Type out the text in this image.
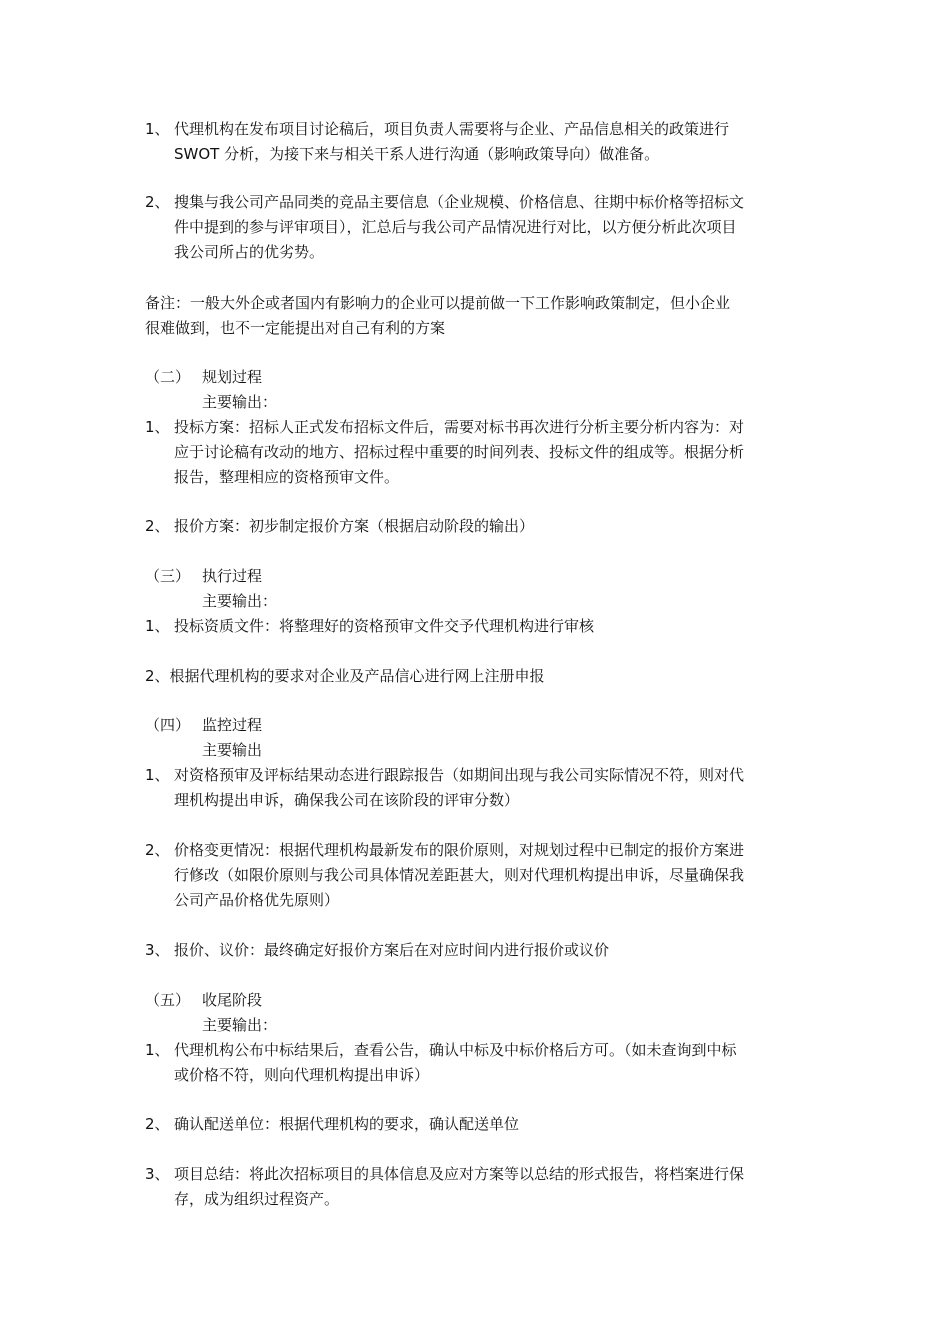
1、 代理机构在发布项目讨论稿后，项目负责人需要将与企业、产品信息相关的政策进行
SWOT 分析，为接下来与相关干系人进行沟通（影响政策导向）做准备。
2、 搜集与我公司产品同类的竞品主要信息（企业规模、价格信息、往期中标价格等招标文
件中提到的参与评审项目），汇总后与我公司产品情况进行对比，以方便分析此次项目
我公司所占的优劣势。
备注：一般大外企或者国内有影响力的企业可以提前做一下工作影响政策制定，但小企业
很难做到，也不一定能提出对自己有利的方案
（二） 规划过程
主要输出：
1、 投标方案：招标人正式发布招标文件后，需要对标书再次进行分析主要分析内容为：对
应于讨论稿有改动的地方、招标过程中重要的时间列表、投标文件的组成等。根据分析
报告，整理相应的资格预审文件。
2、 报价方案：初步制定报价方案（根据启动阶段的输出）
（三） 执行过程
主要输出：
1、 投标资质文件：将整理好的资格预审文件交予代理机构进行审核
2、 根据代理机构的要求对企业及产品信心进行网上注册申报
（四） 监控过程
主要输出
1、 对资格预审及评标结果动态进行跟踪报告（如期间出现与我公司实际情况不符，则对代
理机构提出申诉，确保我公司在该阶段的评审分数）
2、 价格变更情况：根据代理机构最新发布的限价原则，对规划过程中已制定的报价方案进
行修改（如限价原则与我公司具体情况差距甚大，则对代理机构提出申诉，尽量确保我
公司产品价格优先原则）
3、 报价、议价：最终确定好报价方案后在对应时间内进行报价或议价
（五） 收尾阶段
主要输出：
1、 代理机构公布中标结果后，查看公告，确认中标及中标价格后方可。（如未查询到中标
或价格不符，则向代理机构提出申诉）
2、 确认配送单位：根据代理机构的要求，确认配送单位
3、 项目总结：将此次招标项目的具体信息及应对方案等以总结的形式报告，将档案进行保
存，成为组织过程资产。
